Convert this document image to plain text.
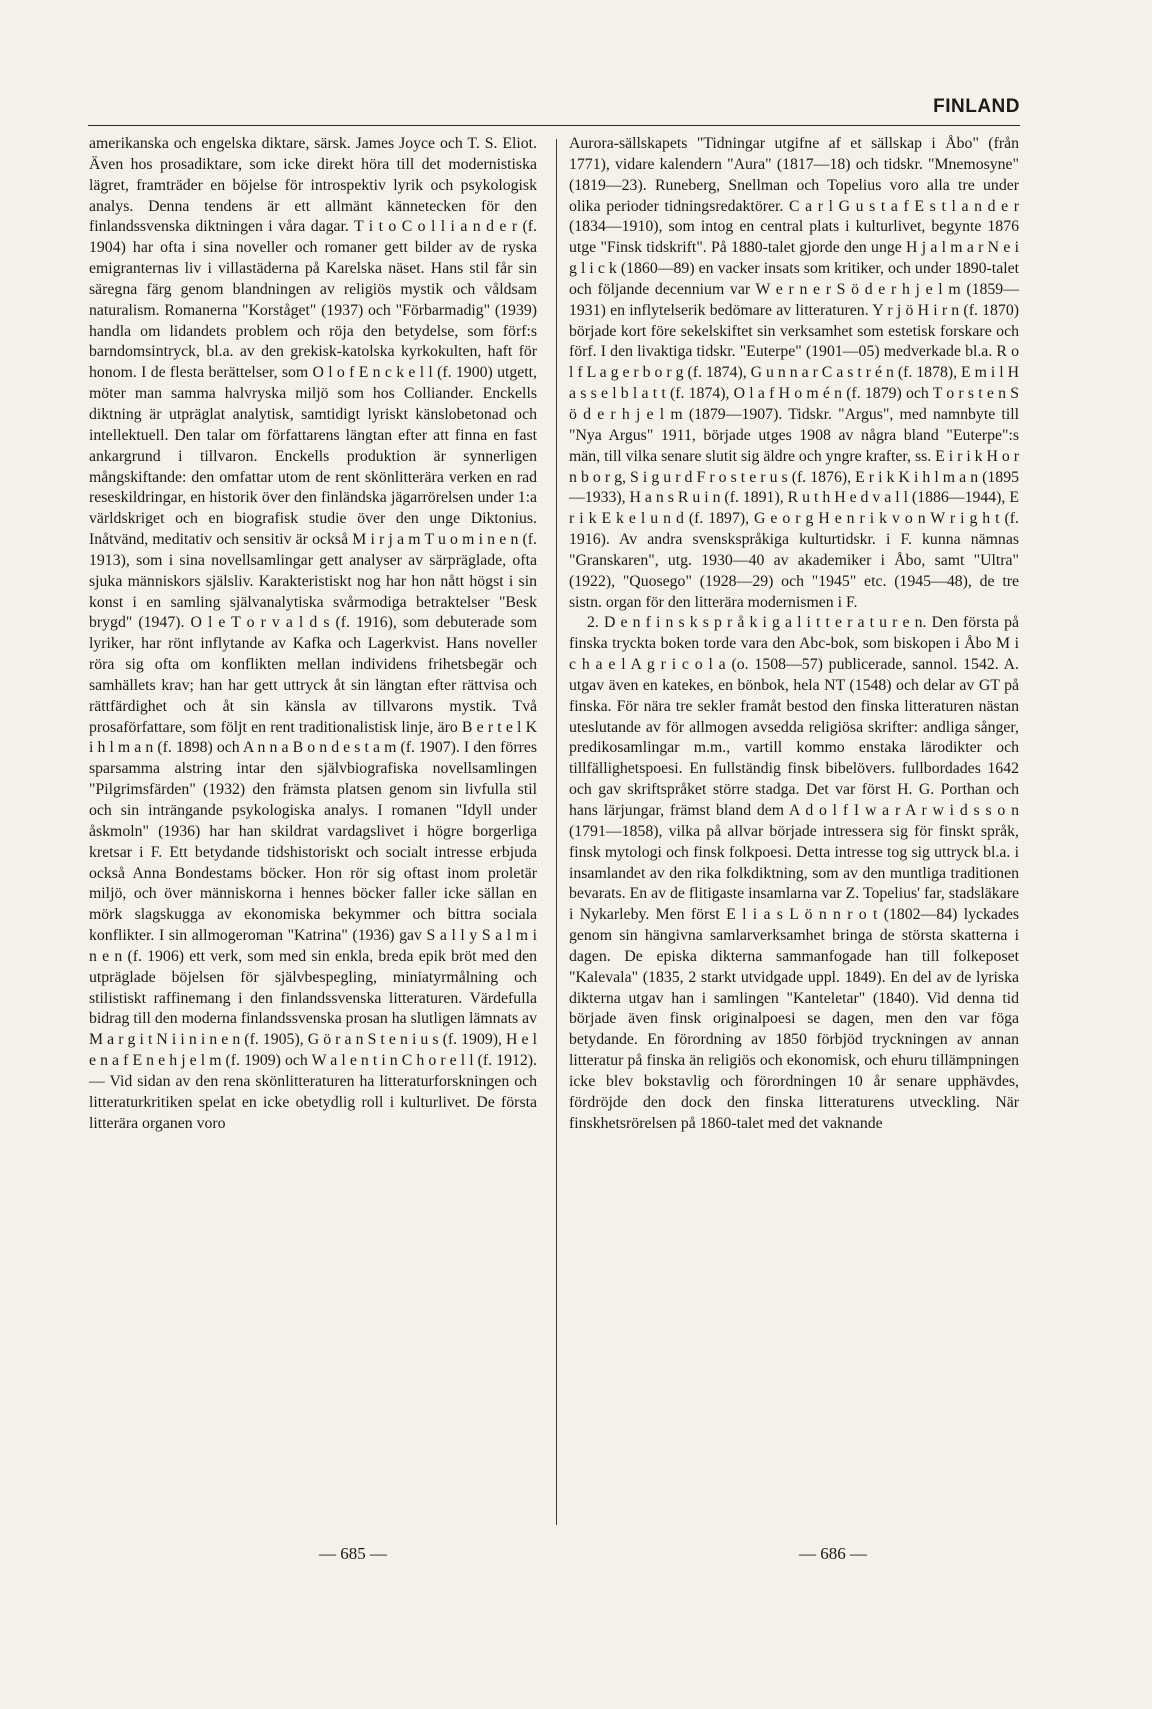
FINLAND

amerikanska och engelska diktare, särsk. James Joyce och T. S. Eliot. Även hos prosadiktare, som icke direkt höra till det modernistiska lägret, framträder en böjelse för introspektiv lyrik och psykologisk analys. Denna tendens är ett allmänt kännetecken för den finlandssvenska diktningen i våra dagar. T i t o C o l l i a n d e r (f. 1904) har ofta i sina noveller och romaner gett bilder av de ryska emigranternas liv i villastäderna på Karelska näset. Hans stil får sin säregna färg genom blandningen av religiös mystik och våldsam naturalism. Romanerna "Korståget" (1937) och "Förbarmadig" (1939) handla om lidandets problem och röja den betydelse, som förf:s barndomsintryck, bl.a. av den grekisk-katolska kyrkokulten, haft för honom. I de flesta berättelser, som O l o f E n c k e l l (f. 1900) utgett, möter man samma halvryska miljö som hos Colliander. Enckells diktning är utpräglat analytisk, samtidigt lyriskt känslobetonad och intellektuell. Den talar om författarens längtan efter att finna en fast ankargrund i tillvaron. Enckells produktion är synnerligen mångskiftande: den omfattar utom de rent skönlitterära verken en rad reseskildringar, en historik över den finländska jägarrörelsen under 1:a världskriget och en biografisk studie över den unge Diktonius. Inåtvänd, meditativ och sensitiv är också M i r j a m T u o m i n e n (f. 1913), som i sina novellsamlingar gett analyser av särpräglade, ofta sjuka människors själsliv. Karakteristiskt nog har hon nått högst i sin konst i en samling självanalytiska svårmodiga betraktelser "Besk brygd" (1947). O l e T o r v a l d s (f. 1916), som debuterade som lyriker, har rönt inflytande av Kafka och Lagerkvist. Hans noveller röra sig ofta om konflikten mellan individens frihetsbegär och samhällets krav; han har gett uttryck åt sin längtan efter rättvisa och rättfärdighet och åt sin känsla av tillvarons mystik. Två prosaförfattare, som följt en rent traditionalistisk linje, äro B e r t e l K i h l m a n (f. 1898) och A n n a B o n d e s t a m (f. 1907). I den förres sparsamma alstring intar den självbiografiska novellsamlingen "Pilgrimsfärden" (1932) den främsta platsen genom sin livfulla stil och sin inträngande psykologiska analys. I romanen "Idyll under åskmoln" (1936) har han skildrat vardagslivet i högre borgerliga kretsar i F. Ett betydande tidshistoriskt och socialt intresse erbjuda också Anna Bondestams böcker. Hon rör sig oftast inom proletär miljö, och över människorna i hennes böcker faller icke sällan en mörk slagskugga av ekonomiska bekymmer och bittra sociala konflikter. I sin allmogeroman "Katrina" (1936) gav S a l l y S a l m i n e n (f. 1906) ett verk, som med sin enkla, breda epik bröt med den utpräglade böjelsen för självbespegling, miniatyrmålning och stilistiskt raffinemang i den finlandssvenska litteraturen. Värdefulla bidrag till den moderna finlandssvenska prosan ha slutligen lämnats av M a r g i t N i i n i n e n (f. 1905), G ö r a n S t e n i u s (f. 1909), H e l e n a f E n e h j e l m (f. 1909) och W a l e n t i n C h o r e l l (f. 1912). — Vid sidan av den rena skönlitteraturen ha litteraturforskningen och litteraturkritiken spelat en icke obetydlig roll i kulturlivet. De första litterära organen voro

Aurora-sällskapets "Tidningar utgifne af et sällskap i Åbo" (från 1771), vidare kalendern "Aura" (1817—18) och tidskr. "Mnemosyne" (1819—23). Runeberg, Snellman och Topelius voro alla tre under olika perioder tidningsredaktörer. C a r l G u s t a f E s t l a n d e r (1834—1910), som intog en central plats i kulturlivet, begynte 1876 utge "Finsk tidskrift". På 1880-talet gjorde den unge H j a l m a r N e i g l i c k (1860—89) en vacker insats som kritiker, och under 1890-talet och följande decennium var W e r n e r S ö d e r h j e l m (1859—1931) en inflytelserik bedömare av litteraturen. Y r j ö H i r n (f. 1870) började kort före sekelskiftet sin verksamhet som estetisk forskare och förf. I den livaktiga tidskr. "Euterpe" (1901—05) medverkade bl.a. R o l f L a g e r b o r g (f. 1874), G u n n a r C a s t r é n (f. 1878), E m i l H a s s e l b l a t t (f. 1874), O l a f H o m é n (f. 1879) och T o r s t e n S ö d e r h j e l m (1879—1907). Tidskr. "Argus", med namnbyte till "Nya Argus" 1911, började utges 1908 av några bland "Euterpe":s män, till vilka senare slutit sig äldre och yngre krafter, ss. E i r i k H o r n b o r g, S i g u r d F r o s t e r u s (f. 1876), E r i k K i h l m a n (1895—1933), H a n s R u i n (f. 1891), R u t h H e d v a l l (1886—1944), E r i k E k e l u n d (f. 1897), G e o r g H e n r i k v o n W r i g h t (f. 1916). Av andra svenskspråkiga kulturtidskr. i F. kunna nämnas "Granskaren", utg. 1930—40 av akademiker i Åbo, samt "Ultra" (1922), "Quosego" (1928—29) och "1945" etc. (1945—48), de tre sistn. organ för den litterära modernismen i F.

2. D e n f i n s k s p r å k i g a l i t t e r a t u r e n. Den första på finska tryckta boken torde vara den Abc-bok, som biskopen i Åbo M i c h a e l A g r i c o l a (o. 1508—57) publicerade, sannol. 1542. A. utgav även en katekes, en bönbok, hela NT (1548) och delar av GT på finska. För nära tre sekler framåt bestod den finska litteraturen nästan uteslutande av för allmogen avsedda religiösa skrifter: andliga sånger, predikosamlingar m.m., vartill kommo enstaka lärodikter och tillfällighetspoesi. En fullständig finsk bibelövers. fullbordades 1642 och gav skriftspråket större stadga. Det var först H. G. Porthan och hans lärjungar, främst bland dem A d o l f I w a r A r w i d s s o n (1791—1858), vilka på allvar började intressera sig för finskt språk, finsk mytologi och finsk folkpoesi. Detta intresse tog sig uttryck bl.a. i insamlandet av den rika folkdiktning, som av den muntliga traditionen bevarats. En av de flitigaste insamlarna var Z. Topelius' far, stadsläkare i Nykarleby. Men först E l i a s L ö n n r o t (1802—84) lyckades genom sin hängivna samlarverksamhet bringa de största skatterna i dagen. De episka dikterna sammanfogade han till folkeposet "Kalevala" (1835, 2 starkt utvidgade uppl. 1849). En del av de lyriska dikterna utgav han i samlingen "Kanteletar" (1840). Vid denna tid började även finsk originalpoesi se dagen, men den var föga betydande. En förordning av 1850 förbjöd tryckningen av annan litteratur på finska än religiös och ekonomisk, och ehuru tillämpningen icke blev bokstavlig och förordningen 10 år senare upphävdes, fördröjde den dock den finska litteraturens utveckling. När finskhetsrörelsen på 1860-talet med det vaknande

— 685 —	— 686 —
